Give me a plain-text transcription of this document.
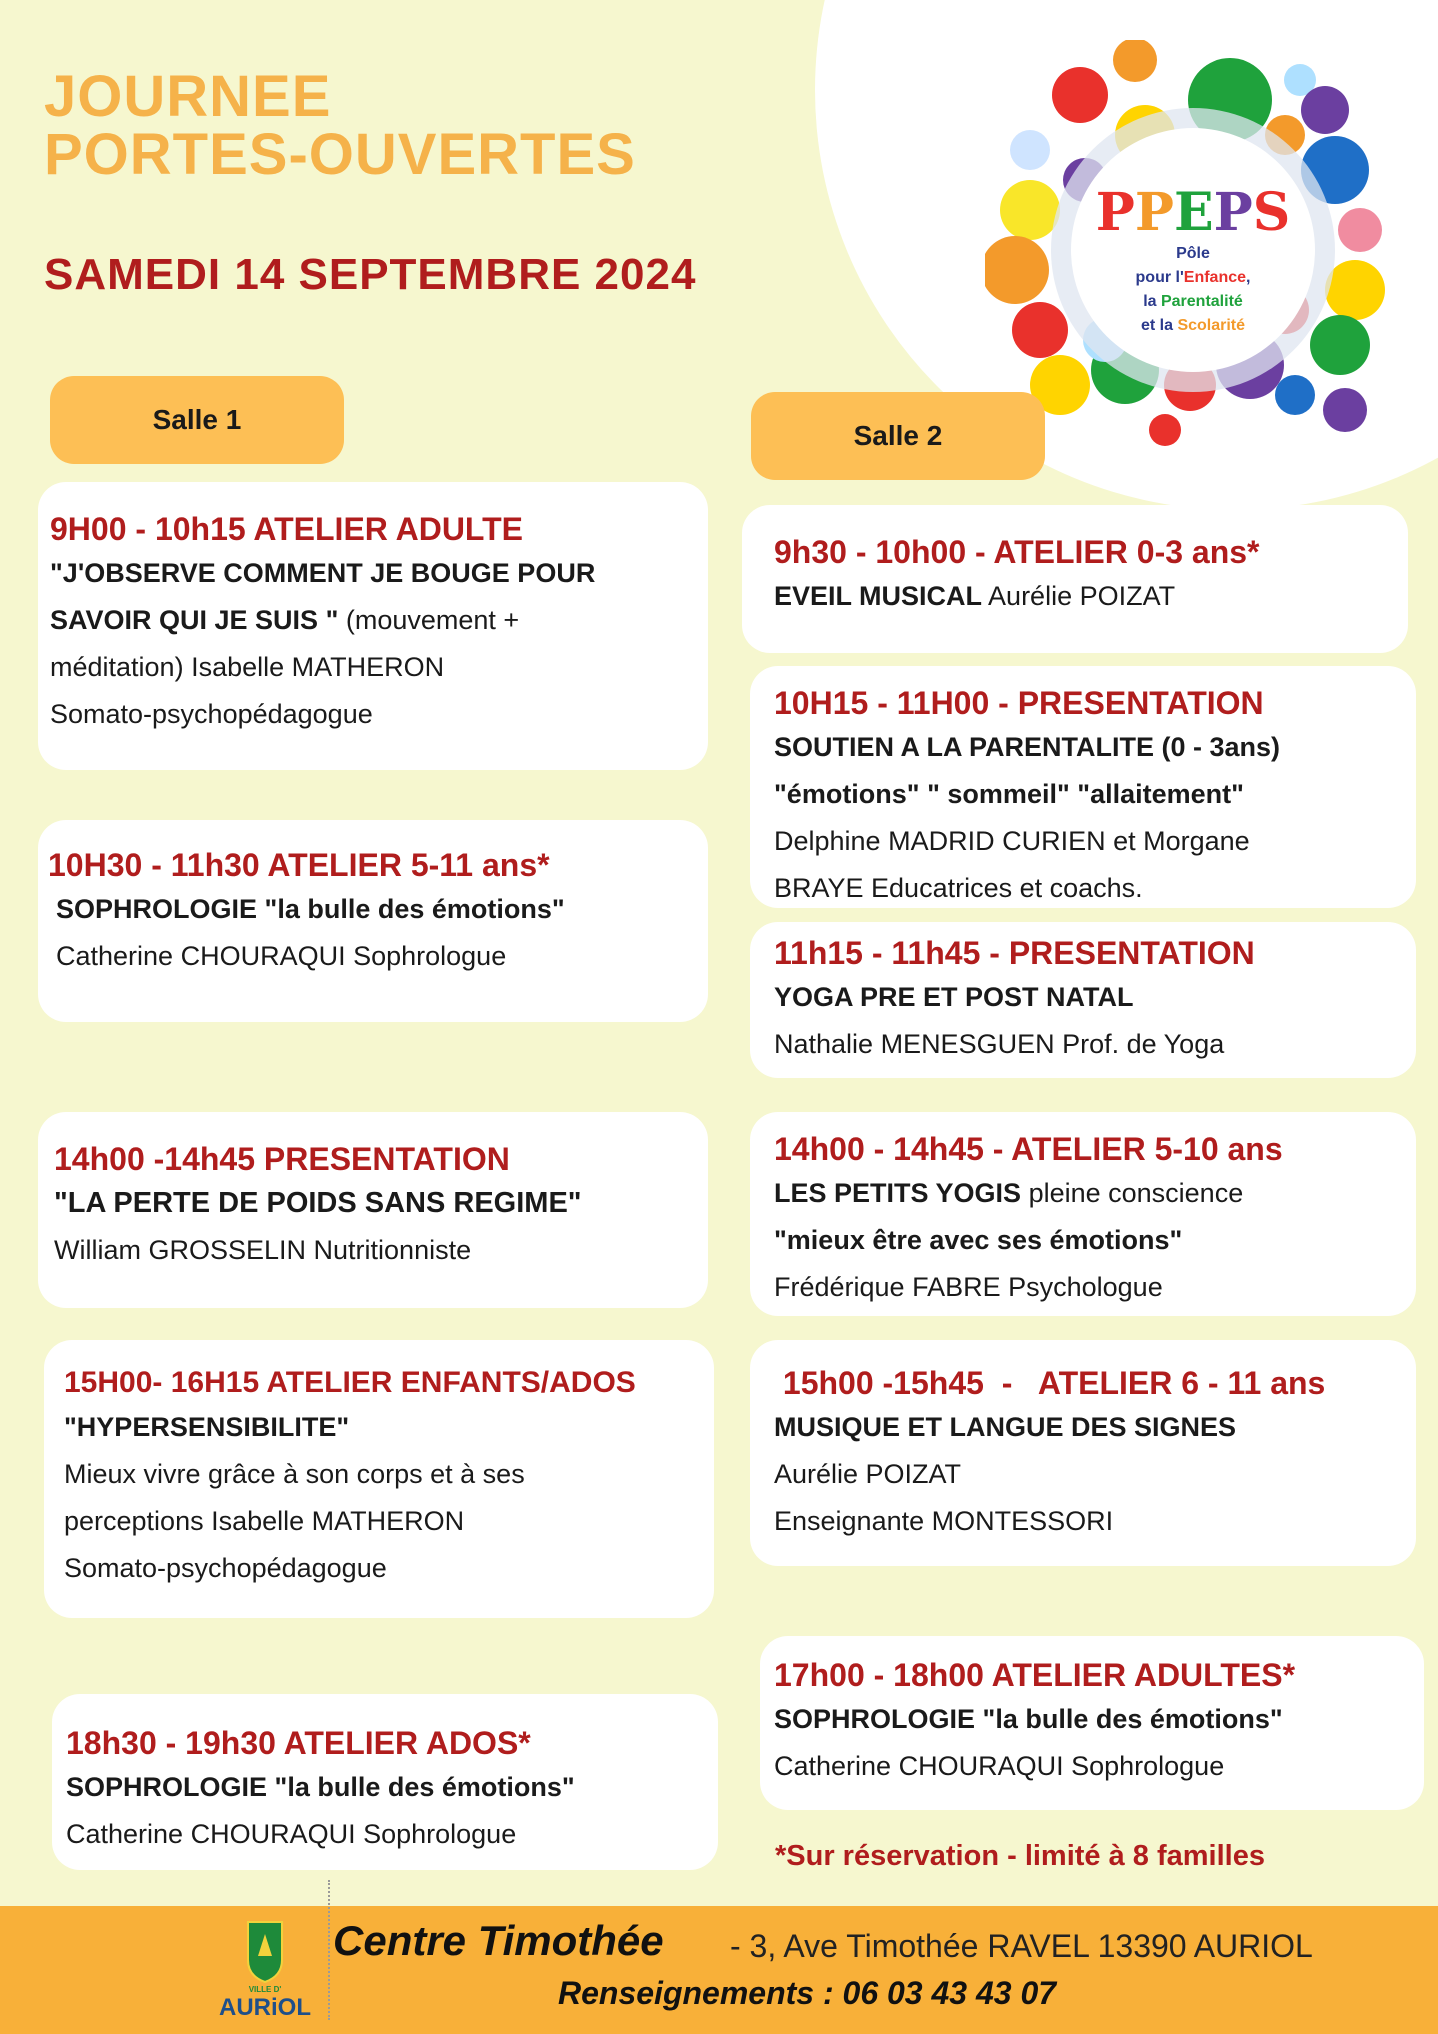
JOURNEE
PORTES-OUVERTES
SAMEDI 14 SEPTEMBRE 2024
PPEPS
Pôle
pour l'Enfance,
la Parentalité
et la Scolarité
Salle 1
Salle 2
9H00 - 10h15 ATELIER ADULTE
"J'OBSERVE COMMENT JE BOUGE POUR
SAVOIR QUI JE SUIS " (mouvement +
méditation) Isabelle MATHERON
Somato-psychopédagogue
10H30 - 11h30 ATELIER 5-11 ans*
SOPHROLOGIE "la bulle des émotions"
Catherine CHOURAQUI Sophrologue
14h00 -14h45 PRESENTATION
"LA PERTE DE POIDS SANS REGIME"
William GROSSELIN Nutritionniste
15H00- 16H15 ATELIER ENFANTS/ADOS
"HYPERSENSIBILITE"
Mieux vivre grâce à son corps et à ses
perceptions Isabelle MATHERON
Somato-psychopédagogue
18h30 - 19h30 ATELIER ADOS*
SOPHROLOGIE "la bulle des émotions"
Catherine CHOURAQUI Sophrologue
9h30 - 10h00 - ATELIER 0-3 ans*
EVEIL MUSICAL Aurélie POIZAT
10H15 - 11H00 - PRESENTATION
SOUTIEN A LA PARENTALITE (0 - 3ans)
"émotions" " sommeil" "allaitement"
Delphine MADRID CURIEN et Morgane
BRAYE Educatrices et coachs.
11h15 - 11h45 - PRESENTATION
YOGA PRE ET POST NATAL
Nathalie MENESGUEN Prof. de Yoga
14h00 - 14h45 - ATELIER 5-10 ans
LES PETITS YOGIS pleine conscience
"mieux être avec ses émotions"
Frédérique FABRE Psychologue
15h00 -15h45  -   ATELIER 6 - 11 ans
MUSIQUE ET LANGUE DES SIGNES
Aurélie POIZAT
Enseignante MONTESSORI
17h00 - 18h00 ATELIER ADULTES*
SOPHROLOGIE "la bulle des émotions"
Catherine CHOURAQUI Sophrologue
*Sur réservation - limité à 8 familles
VILLE D'
AURiOL
Centre Timothée - 3, Ave Timothée RAVEL 13390 AURIOL
Renseignements : 06 03 43 43 07
